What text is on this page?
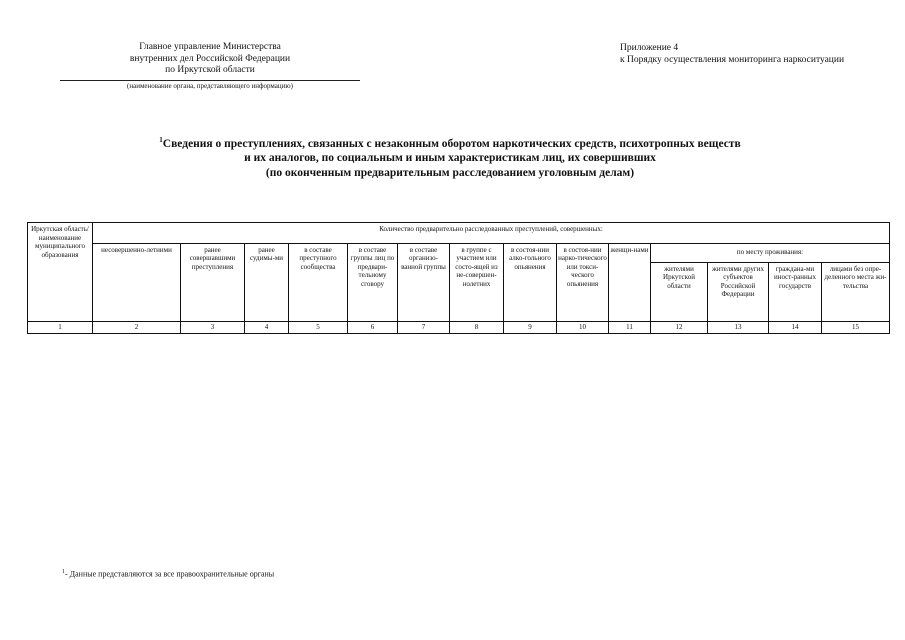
Главное управление Министерства
внутренних дел Российской Федерации
по Иркутской области
(наименование органа, представляющего информацию)
Приложение 4
к Порядку осуществления мониторинга наркоситуации
$^1$Сведения о преступлениях, связанных с незаконным оборотом наркотических средств, психотропных веществ
и их аналогов, по социальным и иным характеристикам лиц, их совершивших
(по оконченным предварительным расследованием уголовным делам)
Иркутская область/ наименование муниципального образования	Количество предварительно расследованных преступлений, совершенных:													
	несовершенно-летними	ранее совершавшими преступления	ранее судимы-ми	в составе преступного сообщества	в составе группы лиц по предвари-тельному сговору	в составе организо-ванной группы	в группе с участием или состо-ящей из не-совершен-нолетних	в состоя-нии алко-гольного опьянения	в состоя-нии нарко-тического или токси-ческого опьянения	женщи-нами	по месту проживания:			
											жителями Иркутской области	жителями других субъектов Российской Федерации	граждана-ми иност-ранных государств	лицами без опре-деленного места жи-тельства
1	2	3	4	5	6	7	8	9	10	11	12	13	14	15
$^1$- Данные представляются за все правоохранительные органы
